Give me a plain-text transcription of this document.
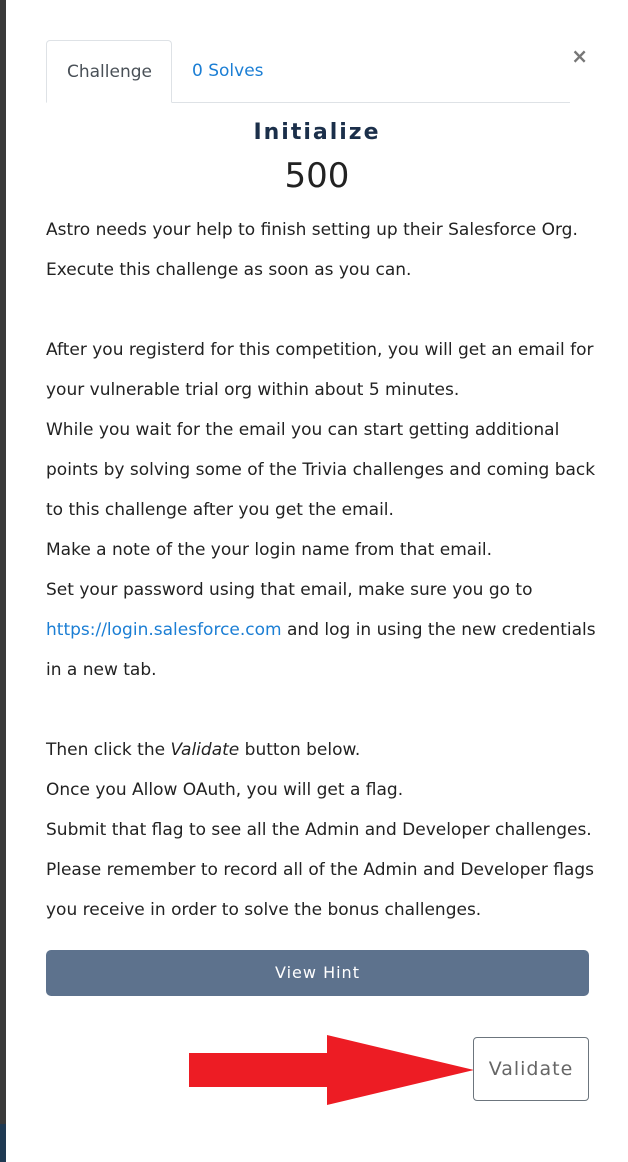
Challenge	0 Solves
×
Initialize
500

Astro needs your help to finish setting up their Salesforce Org.

Execute this challenge as soon as you can.

After you registerd for this competition, you will get an email for your vulnerable trial org within about 5 minutes.

While you wait for the email you can start getting additional points by solving some of the Trivia challenges and coming back to this challenge after you get the email.

Make a note of the your login name from that email.

Set your password using that email, make sure you go to
https://login.salesforce.com and log in using the new credentials in a new tab.

Then click the Validate button below.

Once you Allow OAuth, you will get a flag.

Submit that flag to see all the Admin and Developer challenges.

Please remember to record all of the Admin and Developer flags you receive in order to solve the bonus challenges.

View Hint
Validate
